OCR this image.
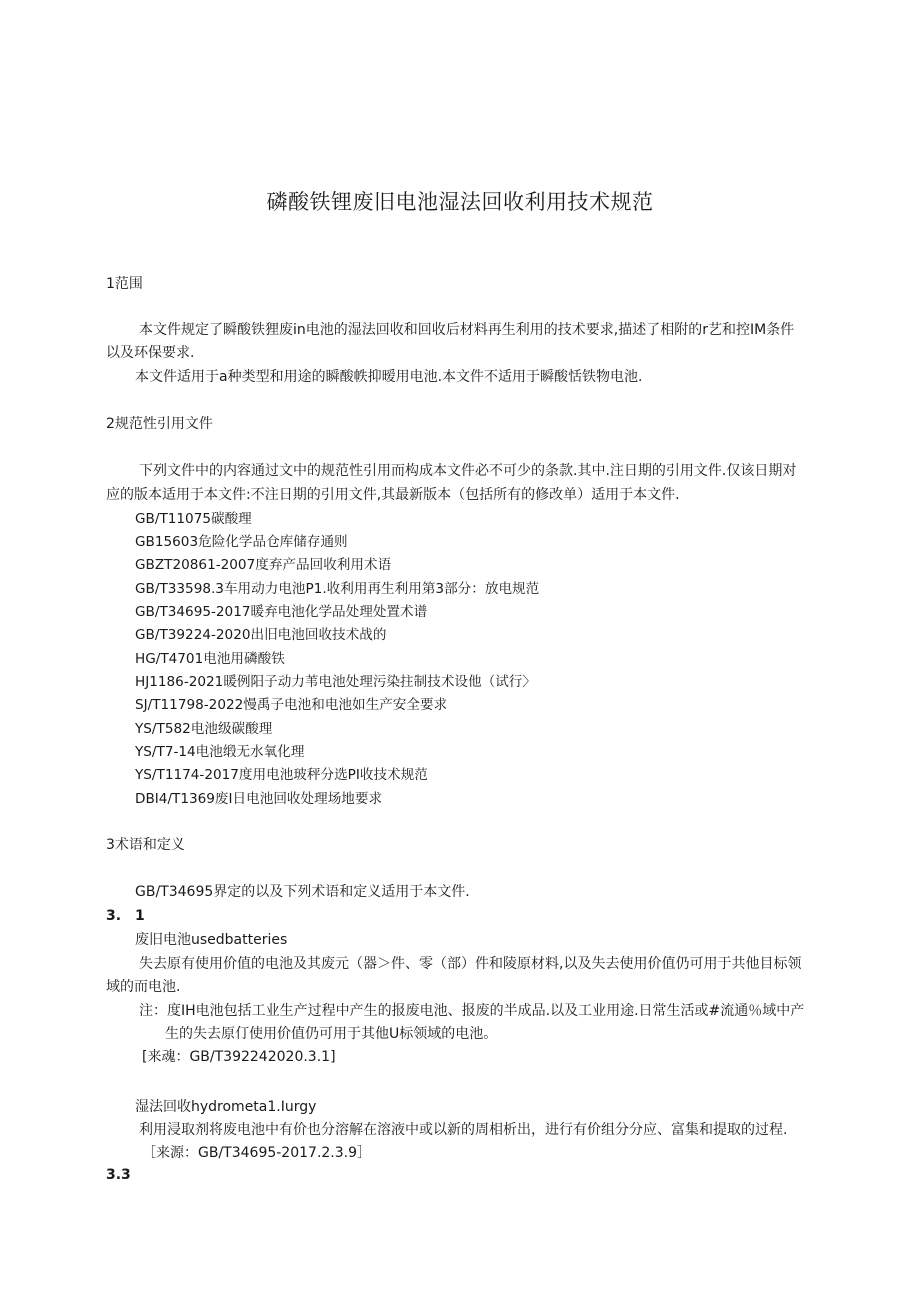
磷酸铁锂废旧电池湿法回收利用技术规范
1范围
本文件规定了瞬酸铁狸废in电池的湿法回收和回收后材料再生利用的技术要求,描述了相附的r艺和控IM条件
以及环保要求.
本文件适用于a种类型和用途的瞬酸帙抑暧用电池.本文件不适用于瞬酸恬铁物电池.
2规范性引用文件
下列文件中的内容通过文中的规范性引用而构成本文件必不可少的条款.其中.注日期的引用文件.仅该日期对
应的版本适用于本文件:不注日期的引用文件,其最新版本（包括所有的修改单）适用于本文件.
GB/T11075碳酸理
GB15603危险化学品仓库储存通则
GBZT20861-2007度弃产品回收利用术语
GB/T33598.3车用动力电池P1.收利用再生利用第3部分：放电规范
GB/T34695-2017暖弃电池化学品处理处置术谱
GB/T39224-2020出旧电池回收技术战的
HG/T4701电池用磷酸铁
HJ1186-2021暖例阳子动力苇电池处理污染拄制技术设他（试行〉
SJ/T11798-2022慢禹子电池和电池如生产安全要求
YS/T582电池级碳酸理
YS/T7-14电池缎无水氧化理
YS/T1174-2017度用电池玻秤分选PI收技术规范
DBI4/T1369废I日电池回收处理场地要求
3术语和定义
GB/T34695界定的以及下列术语和定义适用于本文件.
3.　1
废旧电池usedbatteries
失去原有使用价值的电池及其废元（器＞件、零（部）件和陵原材料,以及失去使用价值仍可用于共他目标领
域的而电池.
注：度IH电池包括工业生产过程中产生的报废电池、报废的半成品.以及工业用途.日常生活或#流通％域中产
生的失去原仃使用价值仍可用于其他U标领域的电池。
[来魂：GB/T392242020.3.1]
湿法回收hydrometa1.Iurgy
利用浸取剂将废电池中有价也分溶解在溶液中或以新的周相析出，进行有价组分分应、富集和提取的过程.
［来源：GB/T34695-2017.2.3.9］
3.3
